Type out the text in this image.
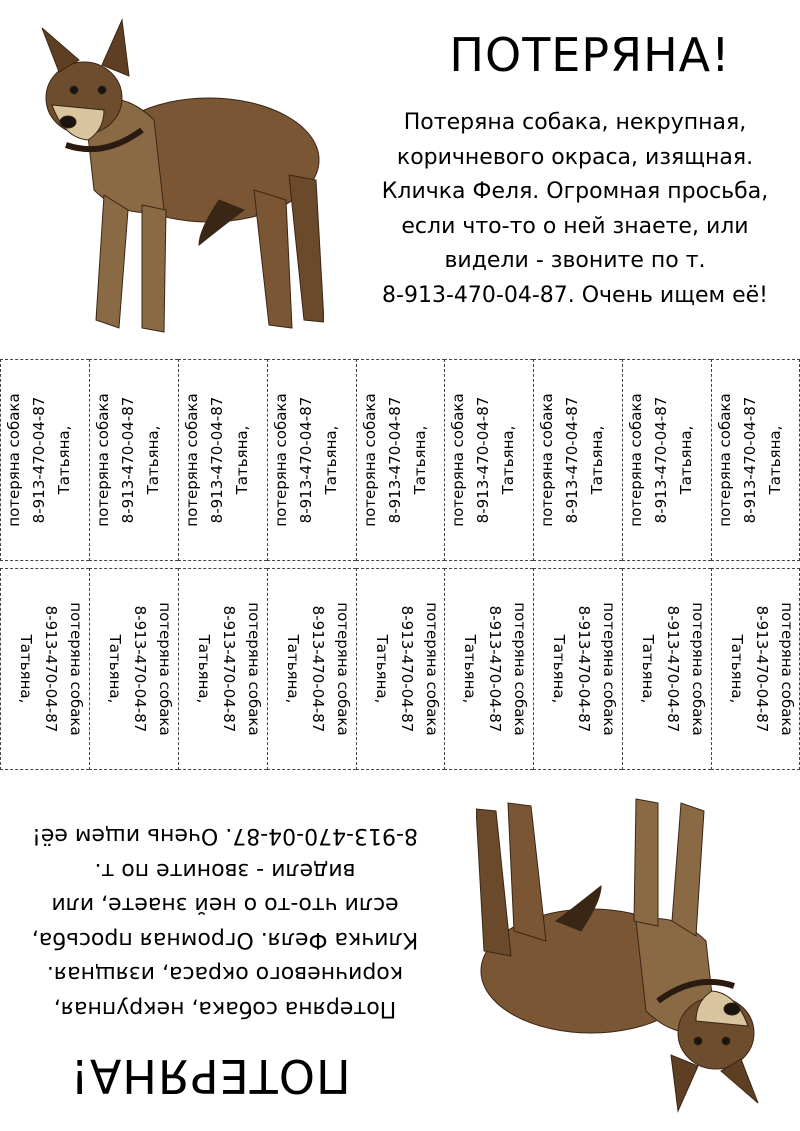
ПОТЕРЯНА!
Потеряна собака, некрупная,
коричневого окраса, изящная.
Кличка Феля. Огромная просьба,
если что-то о ней знаете, или
видели - звоните по т.
8-913-470-04-87. Очень ищем её!
потеряна собака 8-913-470-04-87 Татьяна, потеряна собака 8-913-470-04-87 Татьяна, потеряна собака 8-913-470-04-87 Татьяна, потеряна собака 8-913-470-04-87 Татьяна, потеряна собака 8-913-470-04-87 Татьяна, потеряна собака 8-913-470-04-87 Татьяна, потеряна собака 8-913-470-04-87 Татьяна, потеряна собака 8-913-470-04-87 Татьяна, потеряна собака 8-913-470-04-87 Татьяна,
потеряна собака
8-913-470-04-87
Татьяна,	потеряна собака
8-913-470-04-87
Татьяна,	потеряна собака
8-913-470-04-87
Татьяна,	потеряна собака
8-913-470-04-87
Татьяна,	потеряна собака
8-913-470-04-87
Татьяна,	потеряна собака
8-913-470-04-87
Татьяна,	потеряна собака
8-913-470-04-87
Татьяна,	потеряна собака
8-913-470-04-87
Татьяна,	потеряна собака
8-913-470-04-87
Татьяна,
ПОТЕРЯНА!
Потеряна собака, некрупная,
коричневого окраса, изящная.
Кличка Феля. Огромная просьба,
если что-то о ней знаете, или
видели - звоните по т.
8-913-470-04-87. Очень ищем её!
